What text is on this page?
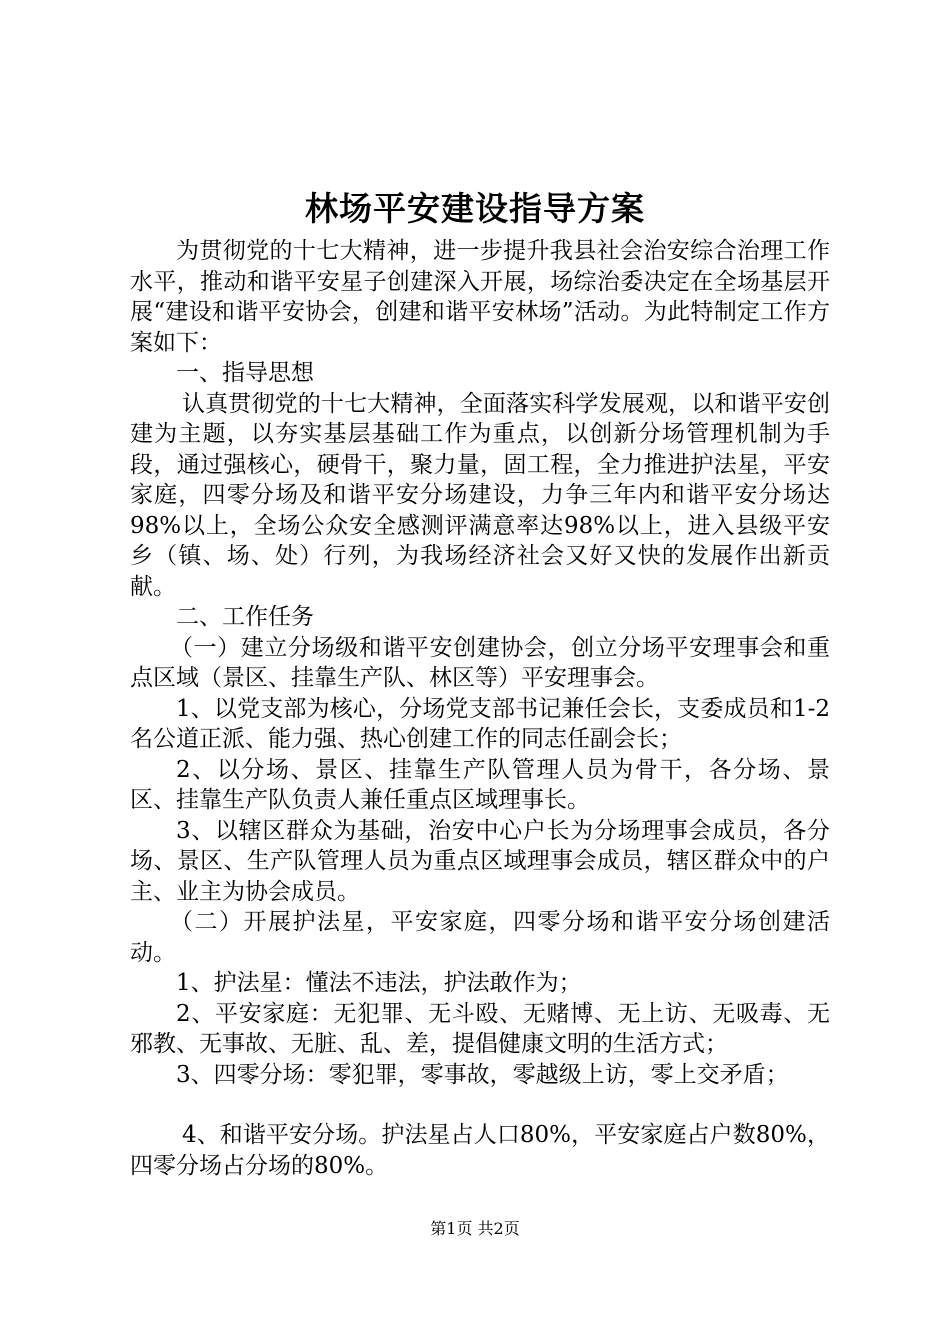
林场平安建设指导方案

为贯彻党的十七大精神，进一步提升我县社会治安综合治理工作水平，推动和谐平安星子创建深入开展，场综治委决定在全场基层开展“建设和谐平安协会，创建和谐平安林场”活动。为此特制定工作方案如下：

一、指导思想

认真贯彻党的十七大精神，全面落实科学发展观，以和谐平安创建为主题，以夯实基层基础工作为重点，以创新分场管理机制为手段，通过强核心，硬骨干，聚力量，固工程，全力推进护法星，平安家庭，四零分场及和谐平安分场建设，力争三年内和谐平安分场达98%以上，全场公众安全感测评满意率达98%以上，进入县级平安乡（镇、场、处）行列，为我场经济社会又好又快的发展作出新贡献。

二、工作任务

（一）建立分场级和谐平安创建协会，创立分场平安理事会和重点区域（景区、挂靠生产队、林区等）平安理事会。

1、以党支部为核心，分场党支部书记兼任会长，支委成员和1-2名公道正派、能力强、热心创建工作的同志任副会长；

2、以分场、景区、挂靠生产队管理人员为骨干，各分场、景区、挂靠生产队负责人兼任重点区域理事长。

3、以辖区群众为基础，治安中心户长为分场理事会成员，各分场、景区、生产队管理人员为重点区域理事会成员，辖区群众中的户主、业主为协会成员。

（二）开展护法星，平安家庭，四零分场和谐平安分场创建活动。

1、护法星：懂法不违法，护法敢作为；

2、平安家庭：无犯罪、无斗殴、无赌博、无上访、无吸毒、无邪教、无事故、无脏、乱、差，提倡健康文明的生活方式；

3、四零分场：零犯罪，零事故，零越级上访，零上交矛盾；

4、和谐平安分场。护法星占人口80%，平安家庭占户数80%，四零分场占分场的80%。

第1页 共2页
